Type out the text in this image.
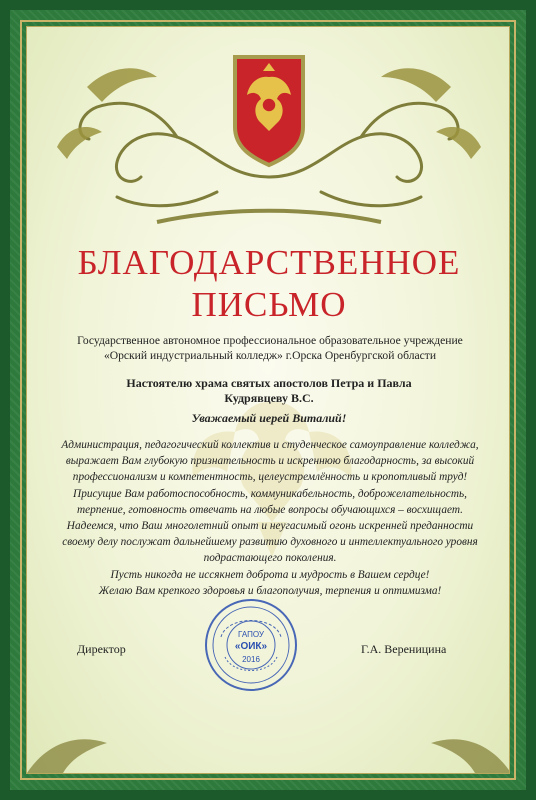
БЛАГОДАРСТВЕННОЕ
ПИСЬМО
Государственное автономное профессиональное образовательное учреждение «Орский индустриальный колледж» г.Орска Оренбургской области
Настоятелю храма святых апостолов Петра и Павла
Кудрявцеву В.С.
Уважаемый иерей Виталий!

Администрация, педагогический коллектив и студенческое самоуправление колледжа, выражает Вам глубокую признательность и искреннюю благодарность, за высокий профессионализм и компетентность, целеустремлённость и кропотливый труд!

Присущие Вам работоспособность, коммуникабельность, доброжелательность, терпение, готовность отвечать на любые вопросы обучающихся – восхищает.

Надеемся, что Ваш многолетний опыт и неугасимый огонь искренней преданности своему делу послужат дальнейшему развитию духовного и интеллектуального уровня подрастающего поколения.

Пусть никогда не иссякнет доброта и мудрость в Вашем сердце!

Желаю Вам крепкого здоровья и благополучия, терпения и оптимизма!

ГАПОУ
«ОИК»
2016
Директор	Г.А. Вереницина
